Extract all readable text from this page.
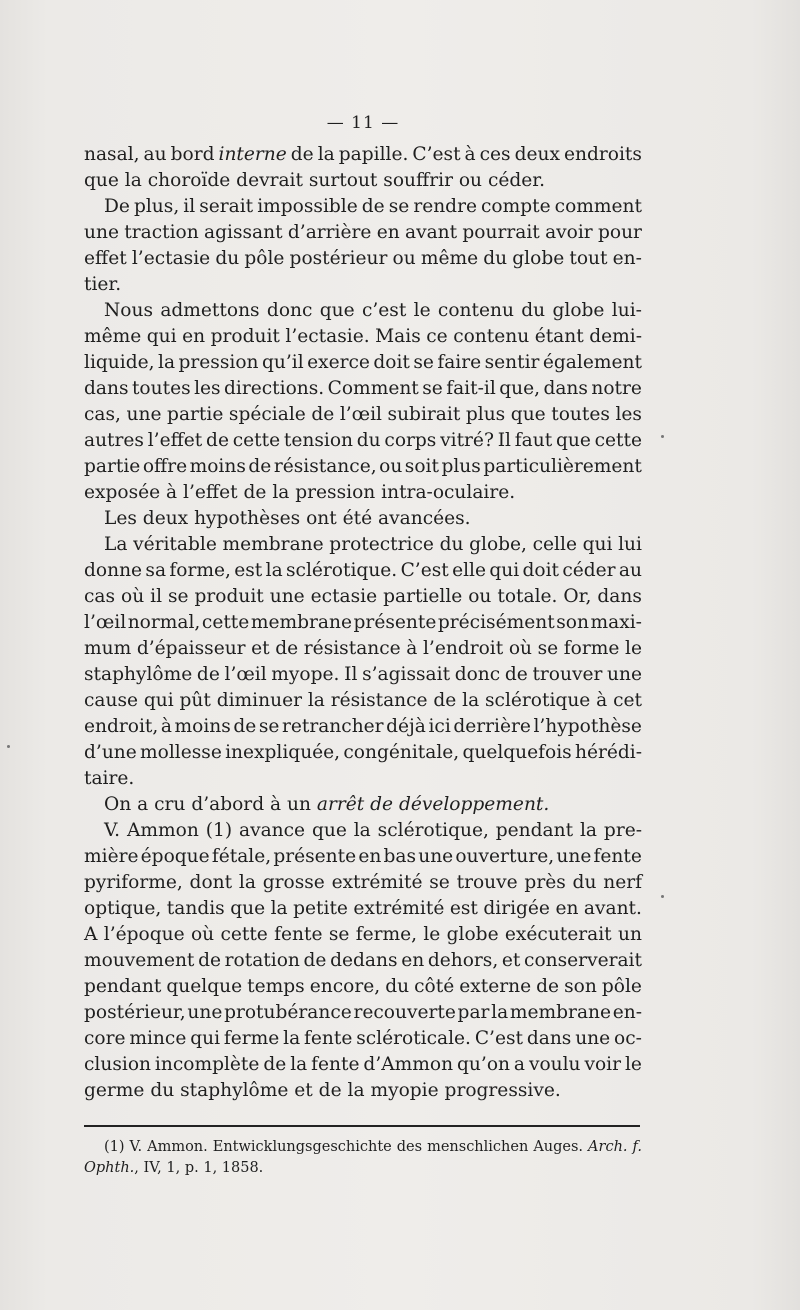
— 11 —
nasal, au bord interne de la papille. C’est à ces deux endroits
que la choroïde devrait surtout souffrir ou céder.
De plus, il serait impossible de se rendre compte comment
une traction agissant d’arrière en avant pourrait avoir pour
effet l’ectasie du pôle postérieur ou même du globe tout en-
tier.
Nous admettons donc que c’est le contenu du globe lui-
même qui en produit l’ectasie. Mais ce contenu étant demi-
liquide, la pression qu’il exerce doit se faire sentir également
dans toutes les directions. Comment se fait-il que, dans notre
cas, une partie spéciale de l’œil subirait plus que toutes les
autres l’effet de cette tension du corps vitré? Il faut que cette
partie offre moins de résistance, ou soit plus particulièrement
exposée à l’effet de la pression intra-oculaire.
Les deux hypothèses ont été avancées.
La véritable membrane protectrice du globe, celle qui lui
donne sa forme, est la sclérotique. C’est elle qui doit céder au
cas où il se produit une ectasie partielle ou totale. Or, dans
l’œil normal, cette membrane présente précisément son maxi-
mum d’épaisseur et de résistance à l’endroit où se forme le
staphylôme de l’œil myope. Il s’agissait donc de trouver une
cause qui pût diminuer la résistance de la sclérotique à cet
endroit, à moins de se retrancher déjà ici derrière l’hypothèse
d’une mollesse inexpliquée, congénitale, quelquefois hérédi-
taire.
On a cru d’abord à un arrêt de développement.
V. Ammon (1) avance que la sclérotique, pendant la pre-
mière époque fétale, présente en bas une ouverture, une fente
pyriforme, dont la grosse extrémité se trouve près du nerf
optique, tandis que la petite extrémité est dirigée en avant.
A l’époque où cette fente se ferme, le globe exécuterait un
mouvement de rotation de dedans en dehors, et conserverait
pendant quelque temps encore, du côté externe de son pôle
postérieur, une protubérance recouverte par la membrane en-
core mince qui ferme la fente scléroticale. C’est dans une oc-
clusion incomplète de la fente d’Ammon qu’on a voulu voir le
germe du staphylôme et de la myopie progressive.
(1) V. Ammon. Entwicklungsgeschichte des menschlichen Auges. Arch. f.
Ophth. , IV, 1, p. 1, 1858.
